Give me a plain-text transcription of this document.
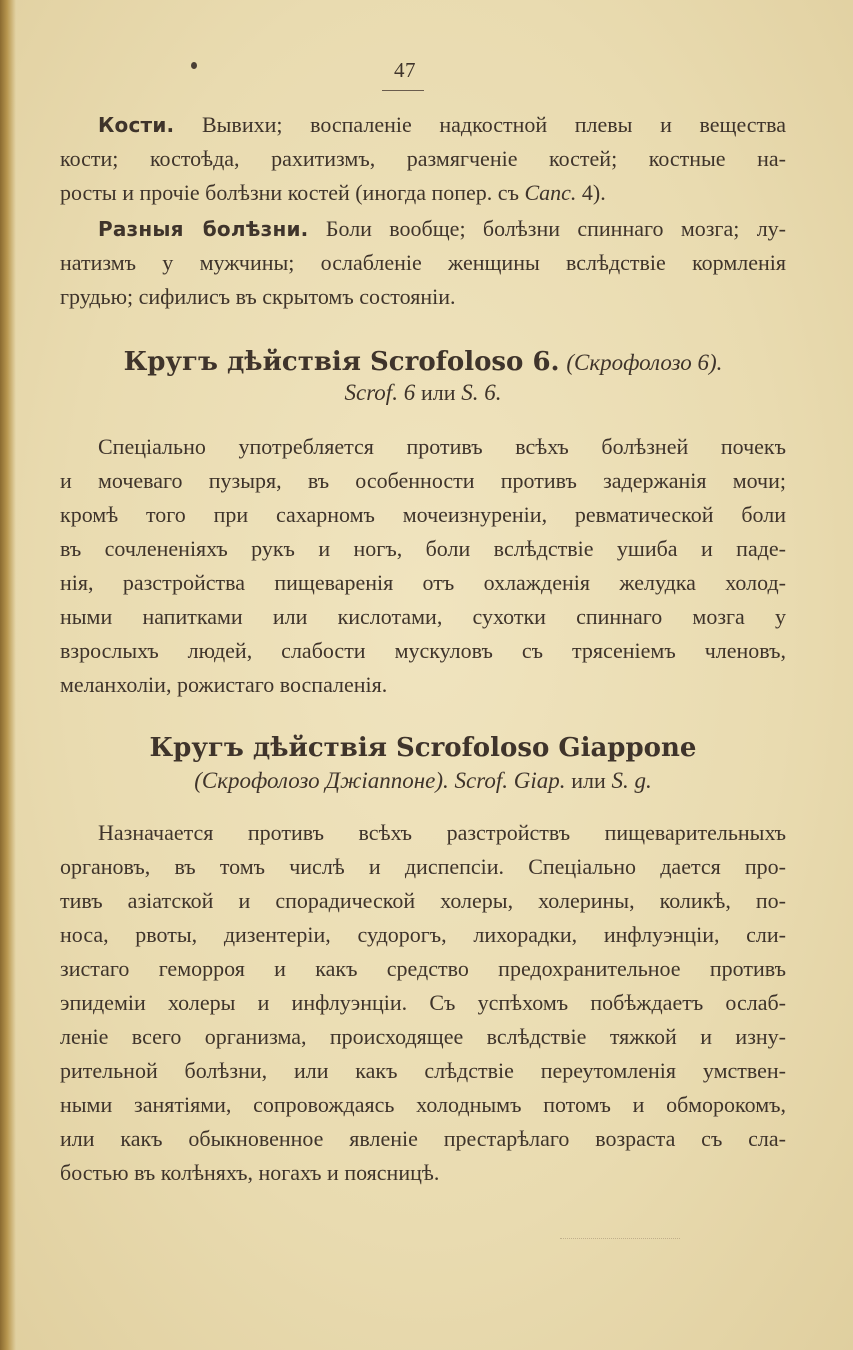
47
Кости. Вывихи; воспаленіе надкостной плевы и вещества
кости; костоѣда, рахитизмъ, размягченіе костей; костные на-
росты и прочіе болѣзни костей (иногда попер. съ Canc. 4).
Разныя болѣзни. Боли вообще; болѣзни спиннаго мозга; лу-
натизмъ у мужчины; ослабленіе женщины вслѣдствіе кормленія
грудью; сифилисъ въ скрытомъ состояніи.
Кругъ дѣйствія Scrofoloso 6. (Скрофолозо 6).
Scrof. 6 или S. 6.
Спеціально употребляется противъ всѣхъ болѣзней почекъ
и мочеваго пузыря, въ особенности противъ задержанія мочи;
кромѣ того при сахарномъ мочеизнуреніи, ревматической боли
въ сочлененіяхъ рукъ и ногъ, боли вслѣдствіе ушиба и паде-
нія, разстройства пищеваренія отъ охлажденія желудка холод-
ными напитками или кислотами, сухотки спиннаго мозга у
взрослыхъ людей, слабости мускуловъ съ трясеніемъ членовъ,
меланхоліи, рожистаго воспаленія.
Кругъ дѣйствія Scrofoloso Giappone
(Скрофолозо Джіаппоне). Scrof. Giap. или S. g.
Назначается противъ всѣхъ разстройствъ пищеварительныхъ
органовъ, въ томъ числѣ и диспепсіи. Спеціально дается про-
тивъ азіатской и спорадической холеры, холерины, коликѣ, по-
носа, рвоты, дизентеріи, судорогъ, лихорадки, инфлуэнціи, сли-
зистаго геморроя и какъ средство предохранительное противъ
эпидеміи холеры и инфлуэнціи. Съ успѣхомъ побѣждаетъ ослаб-
леніе всего организма, происходящее вслѣдствіе тяжкой и изну-
рительной болѣзни, или какъ слѣдствіе переутомленія умствен-
ными занятіями, сопровождаясь холоднымъ потомъ и обморокомъ,
или какъ обыкновенное явленіе престарѣлаго возраста съ сла-
бостью въ колѣняхъ, ногахъ и поясницѣ.
